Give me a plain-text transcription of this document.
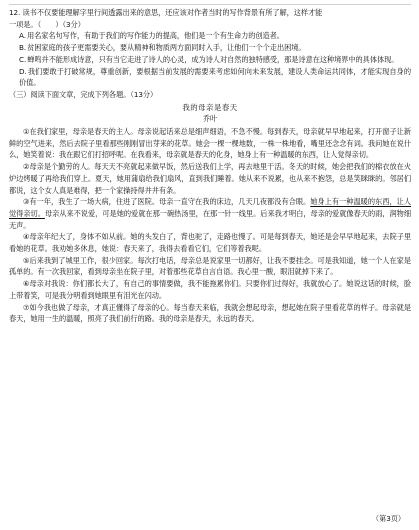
12. 读书不仅要能理解字里行间透露出来的意思，还应该对作者当时的写作背景有所了解，这样才能

一项是。（　　）（3分）

A.用名家名句写作，有助于我们的写作能力的提高，他们是一个有生命力的创造者。

B.贫困家庭的孩子更需要关心，要从精神和物质两方面同时入手，让他们一个个走出困境。

C.蝉鸣并不能形成诗意，只有当它走进了诗人的心灵，成为诗人对自然的独特感受，那是诗意在这种境界中的具体体现。

D.我们要敢于打破常规，尊重创新，要根据当前发展的需要来考虑如何向未来发展，建设人类命运共同体，才能实现自身的价值。

（三）阅读下面文章，完成下列各题。（13分）

我的母亲是春天

乔叶

①在我们家里，母亲是春天的主人。母亲说起话来总是细声细语，不急不慢。每到春天，母亲就早早地起来，打开窗子让新鲜的空气进来，然后去院子里看那些刚刚冒出芽来的花草。她会一棵一棵地数，一株一株地看，嘴里还念念有词。我问她在说什么，她笑着说：我在跟它们打招呼呢。在我看来，母亲就是春天的化身，她身上有一种温暖的东西，让人觉得亲切。

②母亲是个勤劳的人。每天天不亮就起来做早饭，然后送我们上学，再去地里干活。冬天的时候，她会把我们的棉衣放在火炉边烤暖了再给我们穿上。夏天，她用蒲扇给我们扇风，直到我们睡着。她从来不说累，也从来不抱怨，总是笑眯眯的。邻居们都说，这个女人真是难得，把一个家操持得井井有条。

③有一年，我生了一场大病，住进了医院。母亲一直守在我的床边，几天几夜都没有合眼。她身上有一种温暖的东西，让人觉得亲切。母亲从来不说爱，可是她的爱就在那一碗热汤里，在那一针一线里。后来我才明白，母亲的爱就像春天的雨，润物细无声。

④母亲年纪大了，身体不如从前。她的头发白了，背也驼了，走路也慢了。可是每到春天，她还是会早早地起来，去院子里看她的花草。我劝她多休息，她说：春天来了，我得去看看它们，它们等着我呢。

⑤后来我到了城里工作，很少回家。每次打电话，母亲总是说家里一切都好，让我不要挂念。可是我知道，她一个人在家是孤单的。有一次我回家，看到母亲坐在院子里，对着那些花草自言自语。我心里一酸，眼泪就掉下来了。

⑥母亲对我说：你们都长大了，有自己的事情要做，我不能拖累你们。只要你们过得好，我就放心了。她说这话的时候，脸上带着笑，可是我分明看到她眼里有泪光在闪动。

⑦如今我也做了母亲，才真正懂得了母亲的心。每当春天来临，我就会想起母亲，想起她在院子里看花草的样子。母亲就是春天，她用一生的温暖，照亮了我们前行的路。我的母亲是春天，永远的春天。

（第3页）
